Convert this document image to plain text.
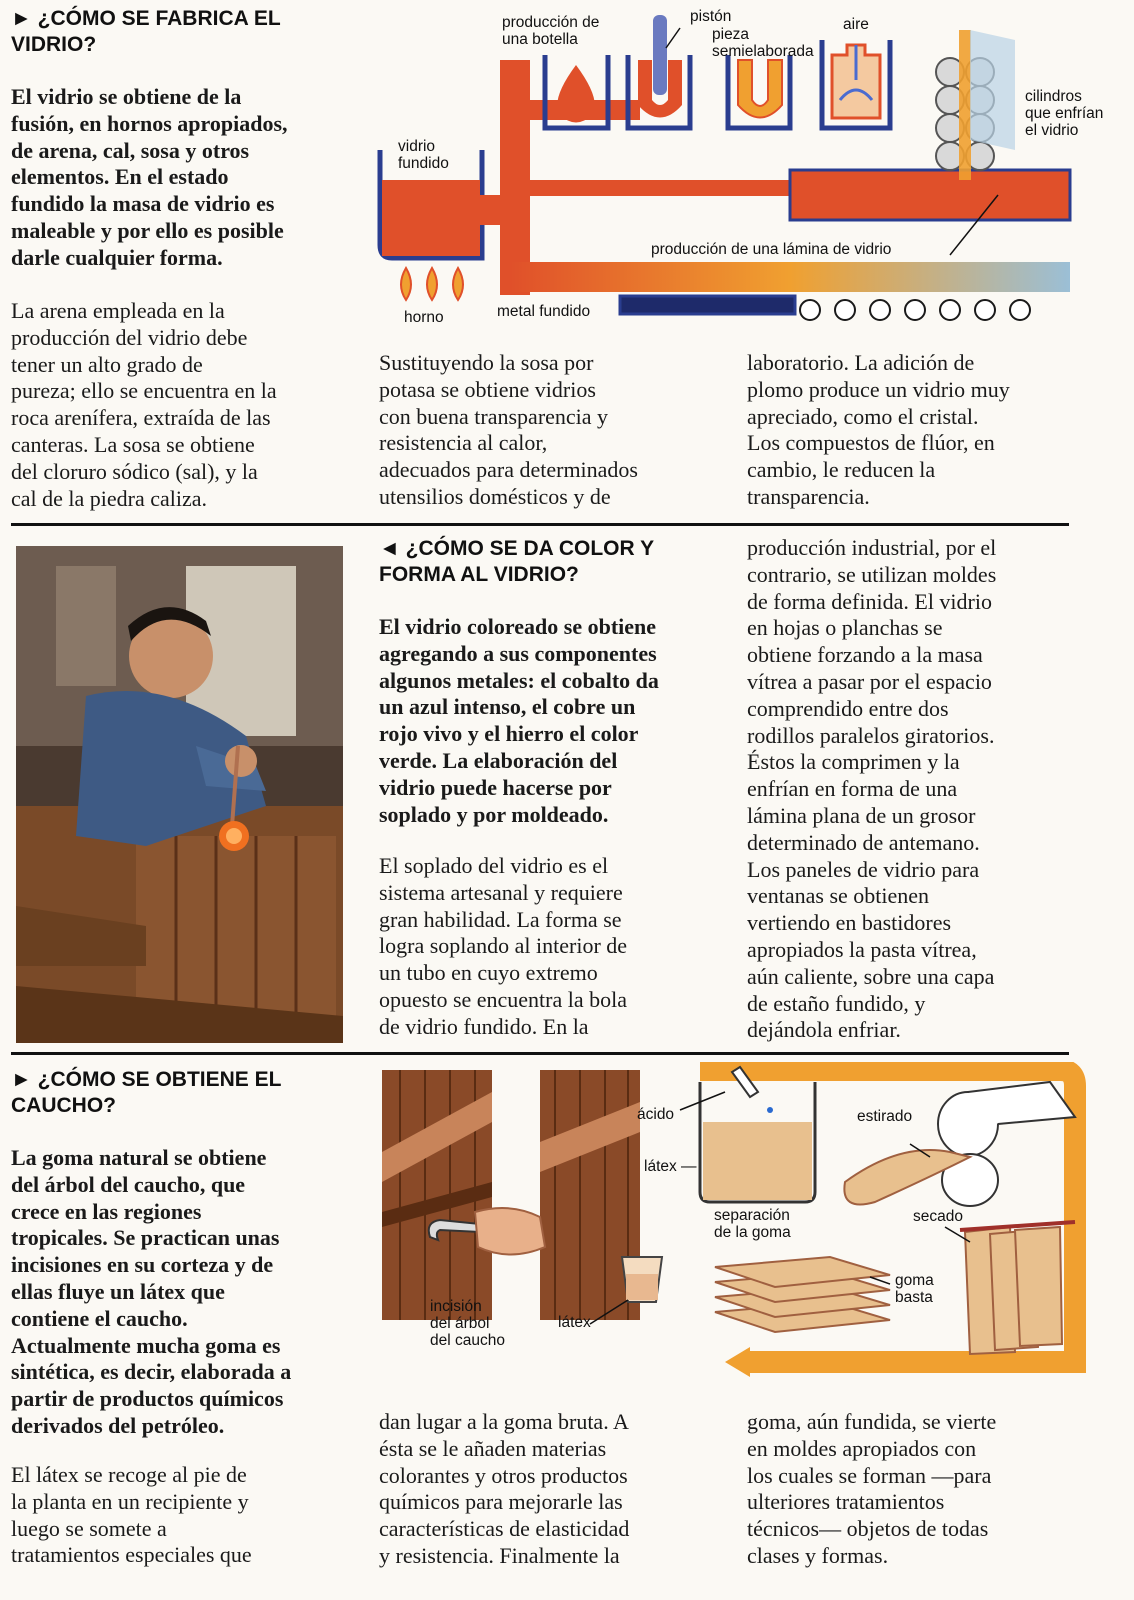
► ¿CÓMO SE FABRICA EL
VIDRIO?
El vidrio se obtiene de la
fusión, en hornos apropiados,
de arena, cal, sosa y otros
elementos. En el estado
fundido la masa de vidrio es
maleable y por ello es posible
darle cualquier forma.
La arena empleada en la
producción del vidrio debe
tener un alto grado de
pureza; ello se encuentra en la
roca arenífera, extraída de las
canteras. La sosa se obtiene
del cloruro sódico (sal), y la
cal de la piedra caliza.
Sustituyendo la sosa por
potasa se obtiene vidrios
con buena transparencia y
resistencia al calor,
adecuados para determinados
utensilios domésticos y de
laboratorio. La adición de
plomo produce un vidrio muy
apreciado, como el cristal.
Los compuestos de flúor, en
cambio, le reducen la
transparencia.
producción de
una botella
pistón
pieza
semielaborada
aire
cilindros
que enfrían
el vidrio
vidrio
fundido
producción de una lámina de vidrio
horno	metal fundido
◄ ¿CÓMO SE DA COLOR Y
FORMA AL VIDRIO?
El vidrio coloreado se obtiene
agregando a sus componentes
algunos metales: el cobalto da
un azul intenso, el cobre un
rojo vivo y el hierro el color
verde. La elaboración del
vidrio puede hacerse por
soplado y por moldeado.
El soplado del vidrio es el
sistema artesanal y requiere
gran habilidad. La forma se
logra soplando al interior de
un tubo en cuyo extremo
opuesto se encuentra la bola
de vidrio fundido. En la
producción industrial, por el
contrario, se utilizan moldes
de forma definida. El vidrio
en hojas o planchas se
obtiene forzando a la masa
vítrea a pasar por el espacio
comprendido entre dos
rodillos paralelos giratorios.
Éstos la comprimen y la
enfrían en forma de una
lámina plana de un grosor
determinado de antemano.
Los paneles de vidrio para
ventanas se obtienen
vertiendo en bastidores
apropiados la pasta vítrea,
aún caliente, sobre una capa
de estaño fundido, y
dejándola enfriar.
► ¿CÓMO SE OBTIENE EL
CAUCHO?
La goma natural se obtiene
del árbol del caucho, que
crece en las regiones
tropicales. Se practican unas
incisiones en su corteza y de
ellas fluye un látex que
contiene el caucho.
Actualmente mucha goma es
sintética, es decir, elaborada a
partir de productos químicos
derivados del petróleo.
El látex se recoge al pie de
la planta en un recipiente y
luego se somete a
tratamientos especiales que
dan lugar a la goma bruta. A
ésta se le añaden materias
colorantes y otros productos
químicos para mejorarle las
características de elasticidad
y resistencia. Finalmente la
goma, aún fundida, se vierte
en moldes apropiados con
los cuales se forman —para
ulteriores tratamientos
técnicos— objetos de todas
clases y formas.
ácido
látex —
estirado
separación
de la goma
secado
goma
basta
incisión
del árbol
del caucho
látex
